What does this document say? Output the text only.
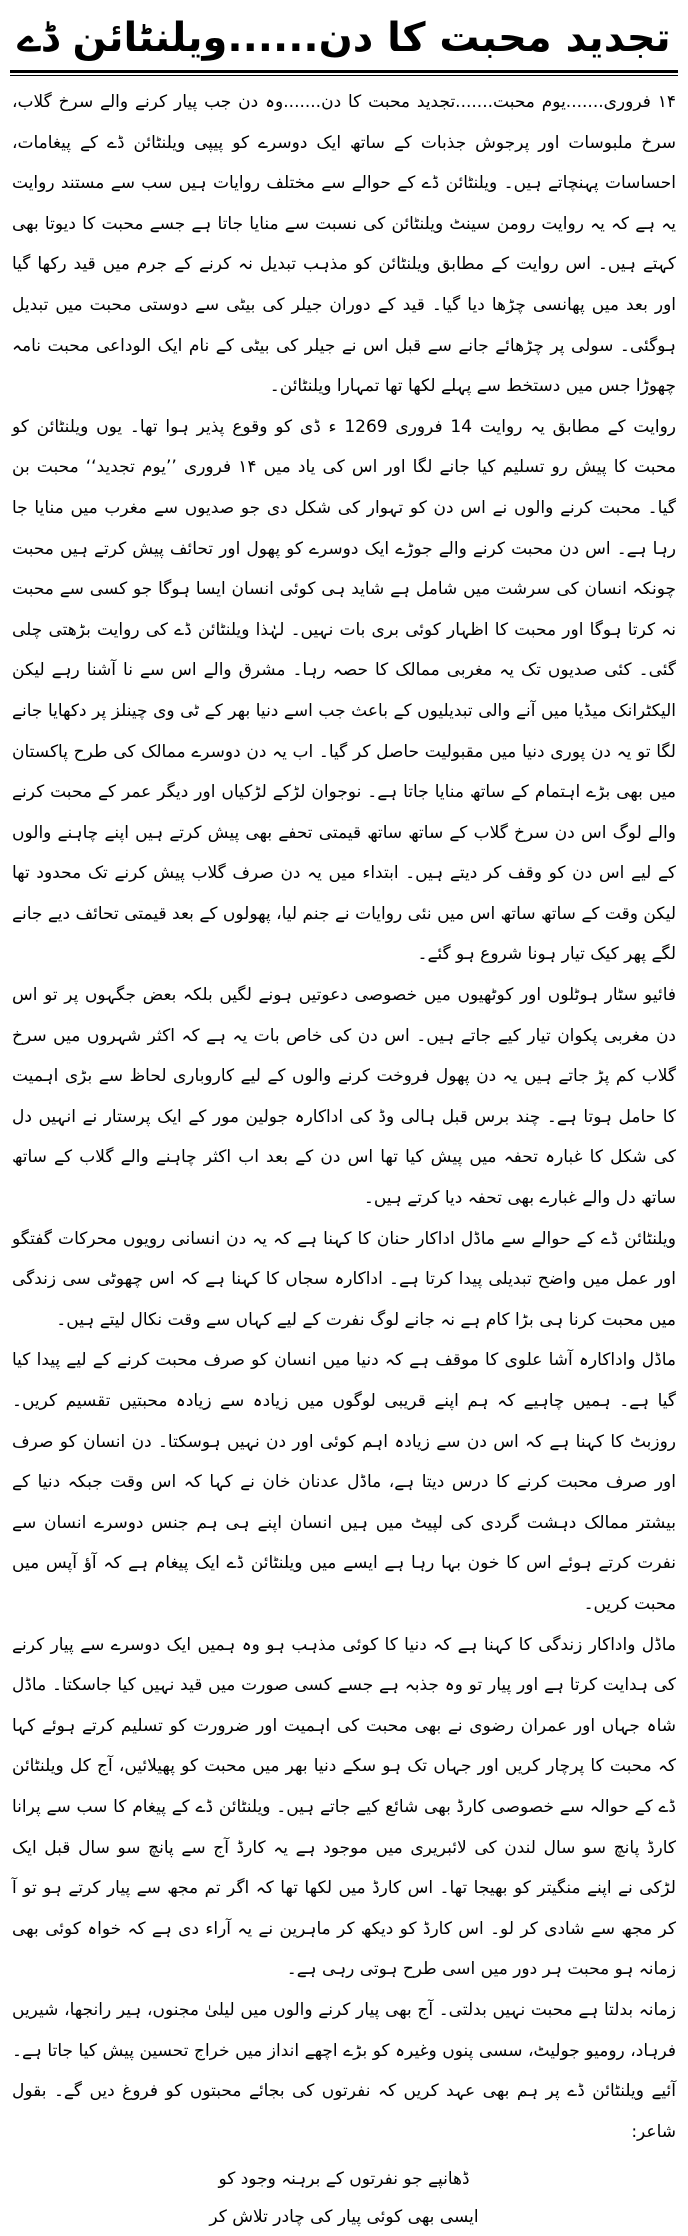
تجدید محبت کا دن......ویلنٹائن ڈے

۱۴ فروری.......یوم محبت.......تجدید محبت کا دن.......وہ دن جب پیار کرنے والے سرخ گلاب، سرخ ملبوسات اور پرجوش جذبات کے ساتھ ایک دوسرے کو پیپی ویلنٹائن ڈے کے پیغامات، احساسات پہنچاتے ہیں۔ ویلنٹائن ڈے کے حوالے سے مختلف روایات ہیں سب سے مستند روایت یہ ہے کہ یہ روایت رومن سینٹ ویلنٹائن کی نسبت سے منایا جاتا ہے جسے محبت کا دیوتا بھی کہتے ہیں۔ اس روایت کے مطابق ویلنٹائن کو مذہب تبدیل نہ کرنے کے جرم میں قید رکھا گیا اور بعد میں پھانسی چڑھا دیا گیا۔ قید کے دوران جیلر کی بیٹی سے دوستی محبت میں تبدیل ہوگئی۔ سولی پر چڑھائے جانے سے قبل اس نے جیلر کی بیٹی کے نام ایک الوداعی محبت نامہ چھوڑا جس میں دستخط سے پہلے لکھا تھا تمہارا ویلنٹائن۔

روایت کے مطابق یہ روایت 14 فروری 1269 ء ڈی کو وقوع پذیر ہوا تھا۔ یوں ویلنٹائن کو محبت کا پیش رو تسلیم کیا جانے لگا اور اس کی یاد میں ۱۴ فروری ’’یوم تجدید‘‘ محبت بن گیا۔ محبت کرنے والوں نے اس دن کو تہوار کی شکل دی جو صدیوں سے مغرب میں منایا جا رہا ہے۔ اس دن محبت کرنے والے جوڑے ایک دوسرے کو پھول اور تحائف پیش کرتے ہیں محبت چونکہ انسان کی سرشت میں شامل ہے شاید ہی کوئی انسان ایسا ہوگا جو کسی سے محبت نہ کرتا ہوگا اور محبت کا اظہار کوئی بری بات نہیں۔ لہٰذا ویلنٹائن ڈے کی روایت بڑھتی چلی گئی۔ کئی صدیوں تک یہ مغربی ممالک کا حصہ رہا۔ مشرق والے اس سے نا آشنا رہے لیکن الیکٹرانک میڈیا میں آنے والی تبدیلیوں کے باعث جب اسے دنیا بھر کے ٹی وی چینلز پر دکھایا جانے لگا تو یہ دن پوری دنیا میں مقبولیت حاصل کر گیا۔ اب یہ دن دوسرے ممالک کی طرح پاکستان میں بھی بڑے اہتمام کے ساتھ منایا جاتا ہے۔ نوجوان لڑکے لڑکیاں اور دیگر عمر کے محبت کرنے والے لوگ اس دن سرخ گلاب کے ساتھ ساتھ قیمتی تحفے بھی پیش کرتے ہیں اپنے چاہنے والوں کے لیے اس دن کو وقف کر دیتے ہیں۔ ابتداء میں یہ دن صرف گلاب پیش کرنے تک محدود تھا لیکن وقت کے ساتھ ساتھ اس میں نئی روایات نے جنم لیا، پھولوں کے بعد قیمتی تحائف دیے جانے لگے پھر کیک تیار ہونا شروع ہو گئے۔

فائیو سٹار ہوٹلوں اور کوٹھیوں میں خصوصی دعوتیں ہونے لگیں بلکہ بعض جگہوں پر تو اس دن مغربی پکوان تیار کیے جاتے ہیں۔ اس دن کی خاص بات یہ ہے کہ اکثر شہروں میں سرخ گلاب کم پڑ جاتے ہیں یہ دن پھول فروخت کرنے والوں کے لیے کاروباری لحاظ سے بڑی اہمیت کا حامل ہوتا ہے۔ چند برس قبل ہالی وڈ کی اداکارہ جولین مور کے ایک پرستار نے انہیں دل کی شکل کا غبارہ تحفہ میں پیش کیا تھا اس دن کے بعد اب اکثر چاہنے والے گلاب کے ساتھ ساتھ دل والے غبارے بھی تحفہ دیا کرتے ہیں۔

ویلنٹائن ڈے کے حوالے سے ماڈل اداکار حنان کا کہنا ہے کہ یہ دن انسانی رویوں محرکات گفتگو اور عمل میں واضح تبدیلی پیدا کرتا ہے۔ اداکارہ سجاں کا کہنا ہے کہ اس چھوٹی سی زندگی میں محبت کرنا ہی بڑا کام ہے نہ جانے لوگ نفرت کے لیے کہاں سے وقت نکال لیتے ہیں۔

ماڈل واداکارہ آشا علوی کا موقف ہے کہ دنیا میں انسان کو صرف محبت کرنے کے لیے پیدا کیا گیا ہے۔ ہمیں چاہیے کہ ہم اپنے قریبی لوگوں میں زیادہ سے زیادہ محبتیں تقسیم کریں۔ روزبٹ کا کہنا ہے کہ اس دن سے زیادہ اہم کوئی اور دن نہیں ہوسکتا۔ دن انسان کو صرف اور صرف محبت کرنے کا درس دیتا ہے، ماڈل عدنان خان نے کہا کہ اس وقت جبکہ دنیا کے بیشتر ممالک دہشت گردی کی لپیٹ میں ہیں انسان اپنے ہی ہم جنس دوسرے انسان سے نفرت کرتے ہوئے اس کا خون بہا رہا ہے ایسے میں ویلنٹائن ڈے ایک پیغام ہے کہ آؤ آپس میں محبت کریں۔

ماڈل واداکار زندگی کا کہنا ہے کہ دنیا کا کوئی مذہب ہو وہ ہمیں ایک دوسرے سے پیار کرنے کی ہدایت کرتا ہے اور پیار تو وہ جذبہ ہے جسے کسی صورت میں قید نہیں کیا جاسکتا۔ ماڈل شاہ جہاں اور عمران رضوی نے بھی محبت کی اہمیت اور ضرورت کو تسلیم کرتے ہوئے کہا کہ محبت کا پرچار کریں اور جہاں تک ہو سکے دنیا بھر میں محبت کو پھیلائیں، آج کل ویلنٹائن ڈے کے حوالہ سے خصوصی کارڈ بھی شائع کیے جاتے ہیں۔ ویلنٹائن ڈے کے پیغام کا سب سے پرانا کارڈ پانچ سو سال لندن کی لائبریری میں موجود ہے یہ کارڈ آج سے پانچ سو سال قبل ایک لڑکی نے اپنے منگیتر کو بھیجا تھا۔ اس کارڈ میں لکھا تھا کہ اگر تم مجھ سے پیار کرتے ہو تو آ کر مجھ سے شادی کر لو۔ اس کارڈ کو دیکھ کر ماہرین نے یہ آراء دی ہے کہ خواہ کوئی بھی زمانہ ہو محبت ہر دور میں اسی طرح ہوتی رہی ہے۔

زمانہ بدلتا ہے محبت نہیں بدلتی۔ آج بھی پیار کرنے والوں میں لیلیٰ مجنوں، ہیر رانجھا، شیریں فرہاد، رومیو جولیٹ، سسی پنوں وغیرہ کو بڑے اچھے انداز میں خراج تحسین پیش کیا جاتا ہے۔ آئیے ویلنٹائن ڈے پر ہم بھی عہد کریں کہ نفرتوں کی بجائے محبتوں کو فروغ دیں گے۔ بقول شاعر:

ڈھانپے جو نفرتوں کے برہنہ وجود کو
ایسی بھی کوئی پیار کی چادر تلاش کر
